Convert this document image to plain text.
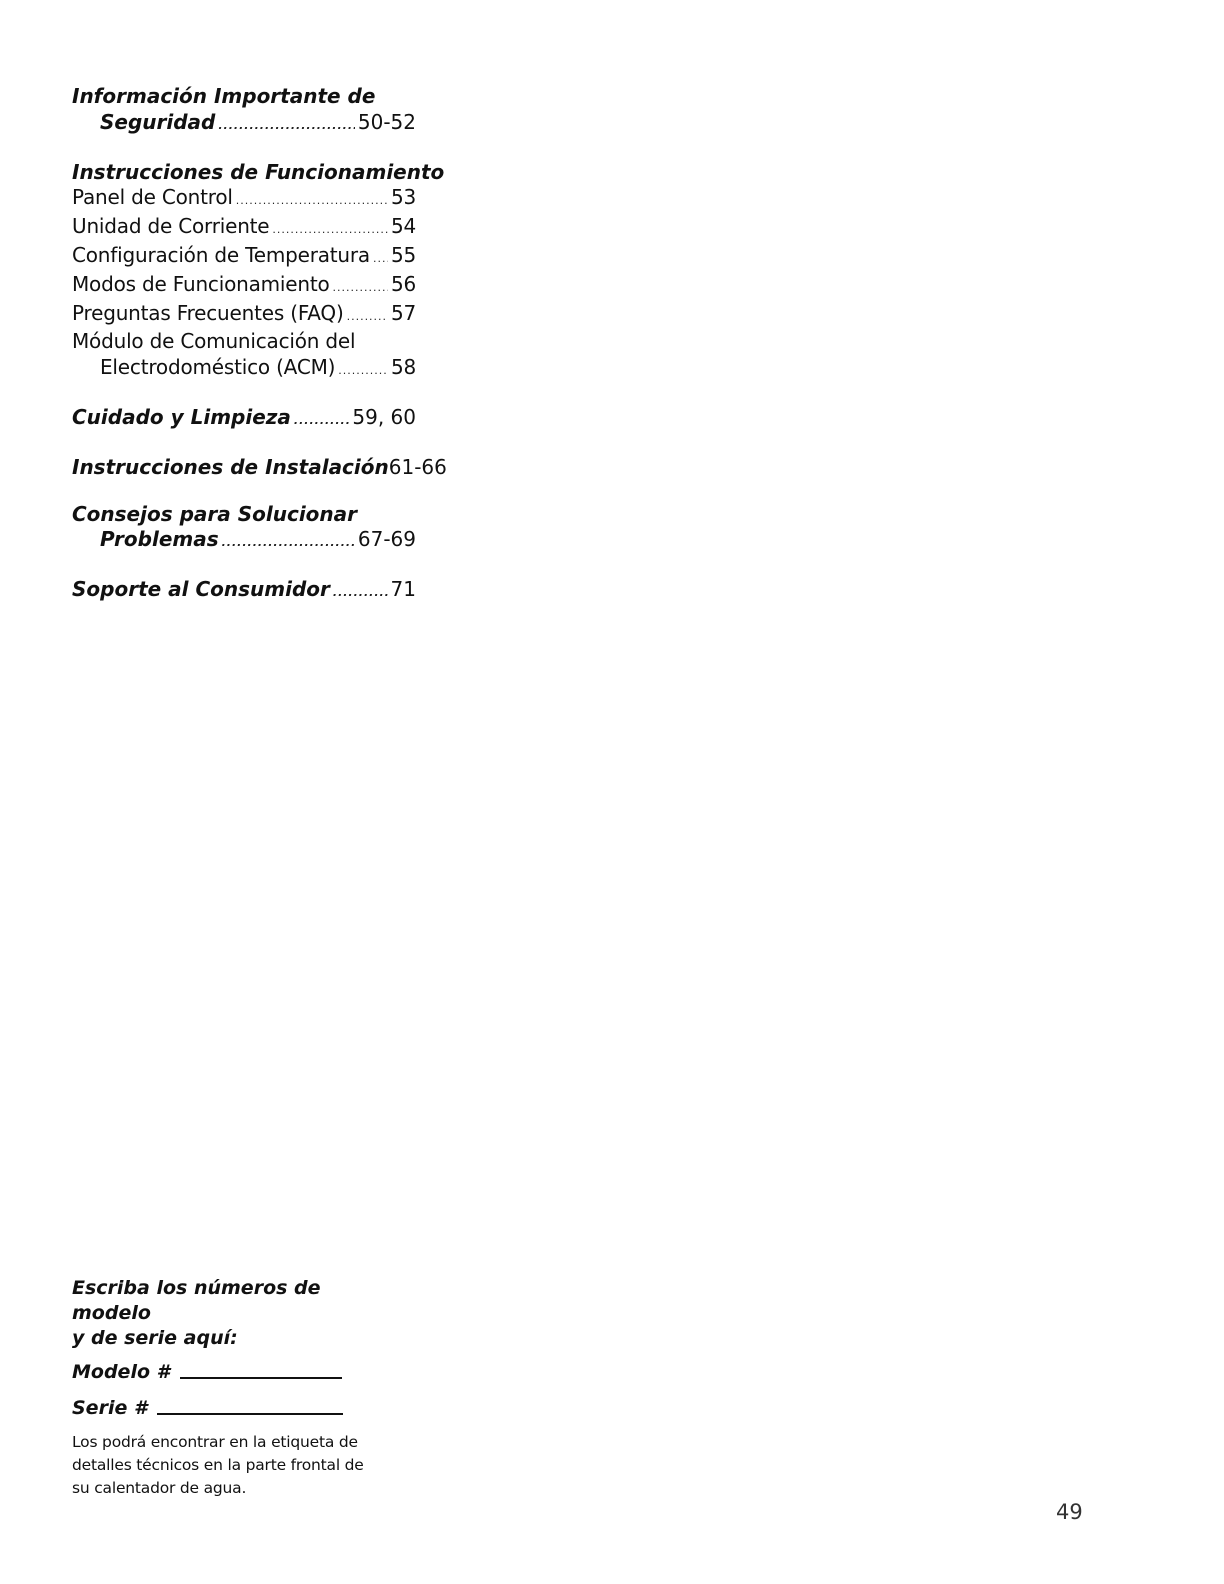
Información Importante de
Seguridad .....	50-52
Instrucciones de Funcionamiento
Panel de Control .....	53
Unidad de Corriente .....	54
Configuración de Temperatura ..... 55
Modos de Funcionamiento .....	56
Preguntas Frecuentes (FAQ) ..... 57
Módulo de Comunicación del
Electrodoméstico (ACM) .....	58
Cuidado y Limpieza .....	59, 60
Instrucciones de Instalación 61-66
Consejos para Solucionar
Problemas .....	67-69
Soporte al Consumidor .....	71
Escriba los números de modelo
y de serie aquí:
Modelo #
Serie #
Los podrá encontrar en la etiqueta de detalles técnicos en la parte frontal de su calentador de agua.
49
